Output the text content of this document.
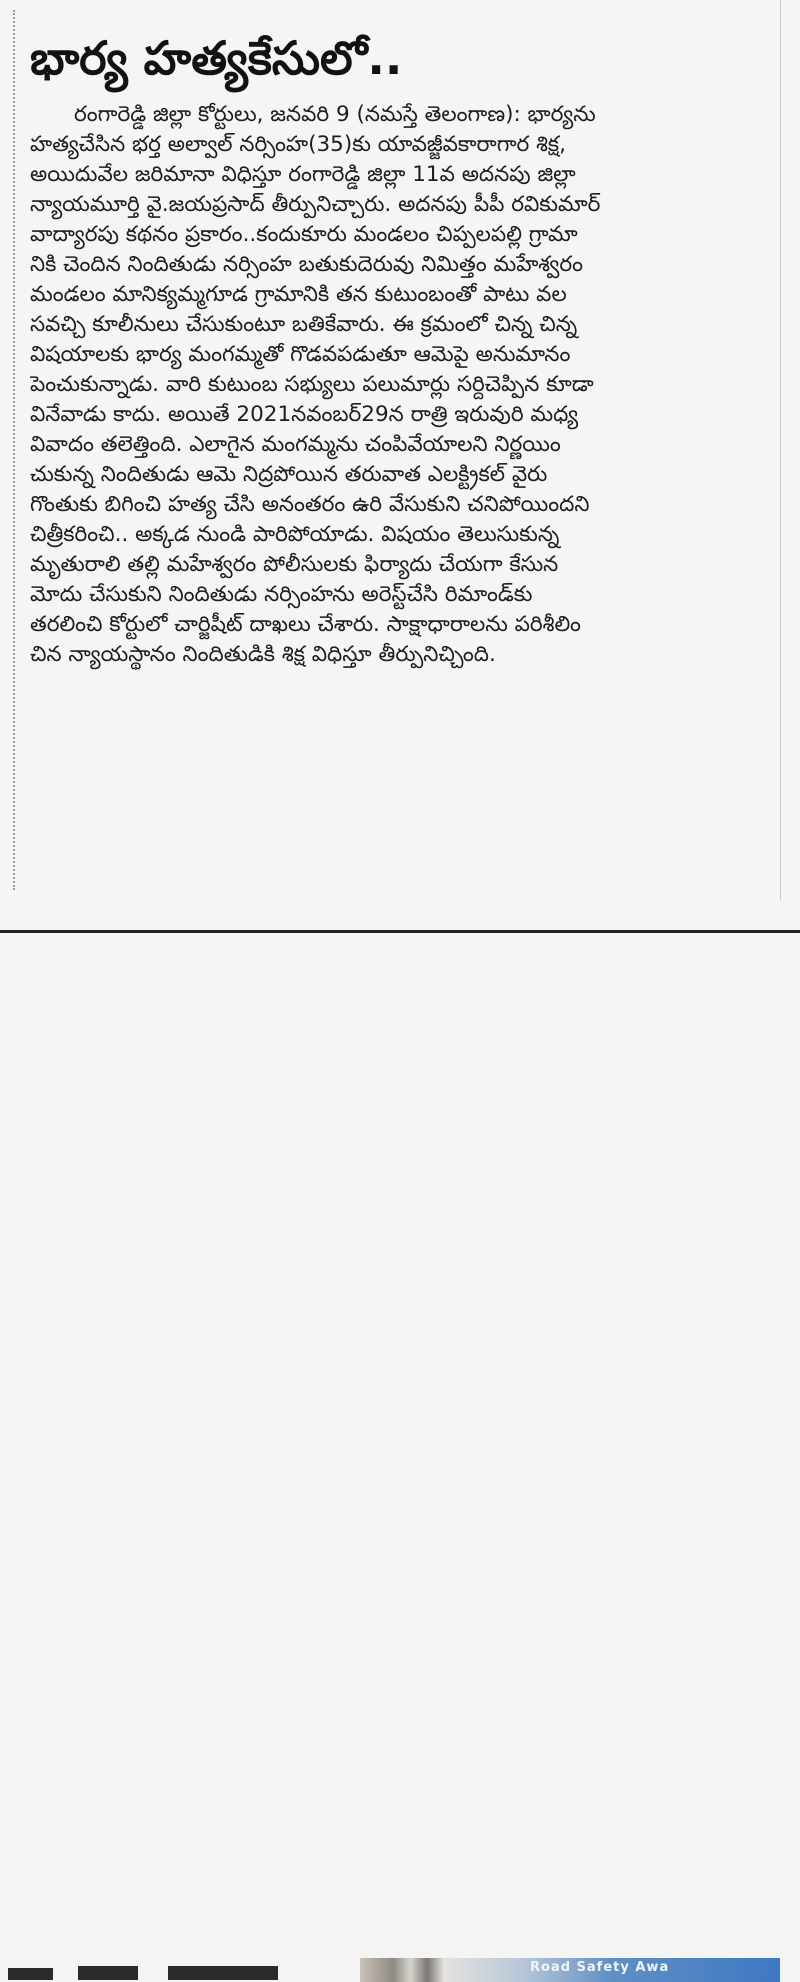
భార్య హత్యకేసులో..
రంగారెడ్డి జిల్లా కోర్టులు, జనవరి 9 (నమస్తే తెలంగాణ): భార్యను
హత్యచేసిన భర్త అల్వాల్ నర్సింహ(35)కు యావజ్జీవకారాగార శిక్ష,
అయిదువేల జరిమానా విధిస్తూ రంగారెడ్డి జిల్లా 11వ అదనపు జిల్లా
న్యాయమూర్తి వై.జయప్రసాద్ తీర్పునిచ్చారు. అదనపు పీపీ రవికుమార్
వాద్యారపు కథనం ప్రకారం..కందుకూరు మండలం చిప్పలపల్లి గ్రామా
నికి చెందిన నిందితుడు నర్సింహ బతుకుదెరువు నిమిత్తం మహేశ్వరం
మండలం మానిక్యమ్మగూడ గ్రామానికి తన కుటుంబంతో పాటు వల
సవచ్చి కూలీనులు చేసుకుంటూ బతికేవారు. ఈ క్రమంలో చిన్న చిన్న
విషయాలకు భార్య మంగమ్మతో గొడవపడుతూ ఆమెపై అనుమానం
పెంచుకున్నాడు. వారి కుటుంబ సభ్యులు పలుమార్లు సర్దిచెప్పిన కూడా
వినేవాడు కాదు. అయితే 2021నవంబర్29న రాత్రి ఇరువురి మధ్య
వివాదం తలెత్తింది. ఎలాగైన మంగమ్మను చంపివేయాలని నిర్ణయిం
చుకున్న నిందితుడు ఆమె నిద్రపోయిన తరువాత ఎలక్ట్రికల్ వైరు
గొంతుకు బిగించి హత్య చేసి అనంతరం ఉరి వేసుకుని చనిపోయిందని
చిత్రీకరించి.. అక్కడ నుండి పారిపోయాడు. విషయం తెలుసుకున్న
మృతురాలి తల్లి మహేశ్వరం పోలీసులకు ఫిర్యాదు చేయగా కేసున
మోదు చేసుకుని నిందితుడు నర్సింహను అరెస్ట్‌చేసి రిమాండ్‌కు
తరలించి కోర్టులో చార్జిషీట్ దాఖలు చేశారు. సాక్షాధారాలను పరిశీలిం
చిన న్యాయస్థానం నిందితుడికి శిక్ష విధిస్తూ తీర్పునిచ్చింది.
Road Safety Awa
